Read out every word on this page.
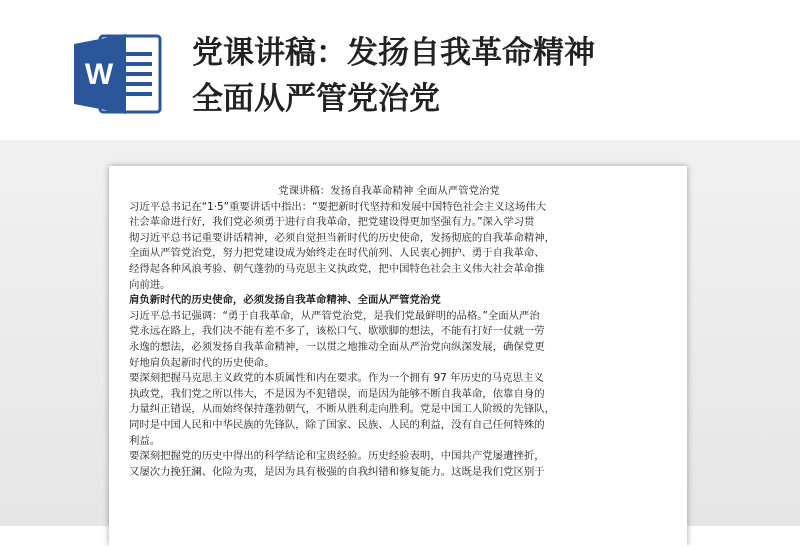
W
党课讲稿：发扬自我革命精神
全面从严管党治党
党课讲稿：发扬自我革命精神 全面从严管党治党
习近平总书记在“1·5”重要讲话中指出：“要把新时代坚持和发展中国特色社会主义这场伟大
社会革命进行好，我们党必须勇于进行自我革命，把党建设得更加坚强有力。”深入学习贯
彻习近平总书记重要讲话精神，必须自觉担当新时代的历史使命，发扬彻底的自我革命精神，
全面从严管党治党，努力把党建设成为始终走在时代前列、人民衷心拥护、勇于自我革命、
经得起各种风浪考验、朝气蓬勃的马克思主义执政党，把中国特色社会主义伟大社会革命推
向前进。
肩负新时代的历史使命，必须发扬自我革命精神、全面从严管党治党
习近平总书记强调：“勇于自我革命，从严管党治党，是我们党最鲜明的品格。”全面从严治
党永远在路上，我们决不能有差不多了，该松口气、歇歇脚的想法，不能有打好一仗就一劳
永逸的想法，必须发扬自我革命精神，一以贯之地推动全面从严治党向纵深发展，确保党更
好地肩负起新时代的历史使命。
要深刻把握马克思主义政党的本质属性和内在要求。作为一个拥有 97 年历史的马克思主义
执政党，我们党之所以伟大，不是因为不犯错误，而是因为能够不断自我革命，依靠自身的
力量纠正错误，从而始终保持蓬勃朝气，不断从胜利走向胜利。党是中国工人阶级的先锋队，
同时是中国人民和中华民族的先锋队，除了国家、民族、人民的利益，没有自己任何特殊的
利益。
要深刻把握党的历史中得出的科学结论和宝贵经验。历史经验表明，中国共产党屡遭挫折，
又屡次力挽狂澜、化险为夷，是因为具有极强的自我纠错和修复能力。这既是我们党区别于
